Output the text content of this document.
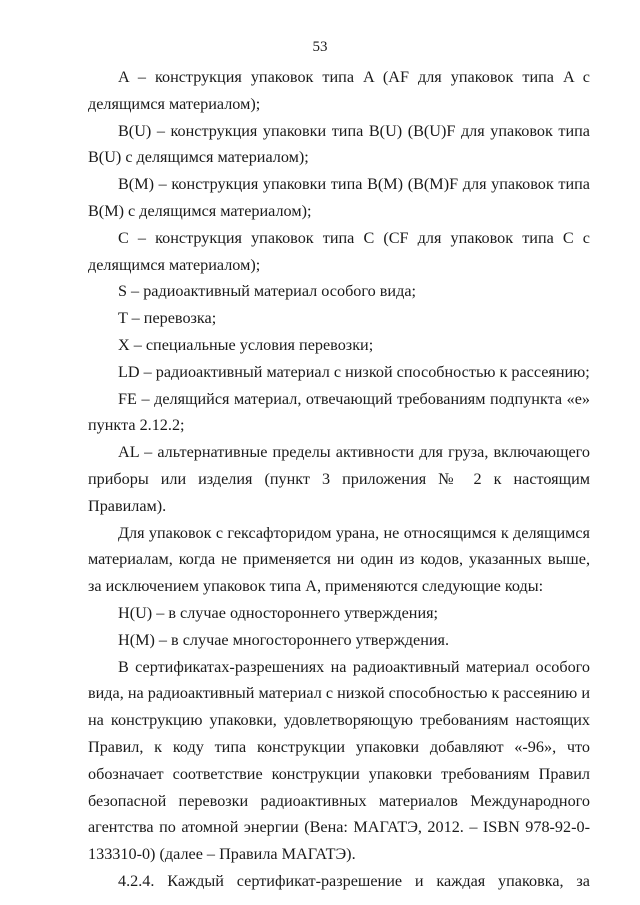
53

A – конструкция упаковок типа A (AF для упаковок типа A с делящимся материалом);

B(U) – конструкция упаковки типа B(U) (B(U)F для упаковок типа B(U) с делящимся материалом);

B(M) – конструкция упаковки типа B(M) (B(M)F для упаковок типа B(M) с делящимся материалом);

C – конструкция упаковок типа C (CF для упаковок типа C с делящимся материалом);

S – радиоактивный материал особого вида;

T – перевозка;

X – специальные условия перевозки;

LD – радиоактивный материал с низкой способностью к рассеянию;

FE – делящийся материал, отвечающий требованиям подпункта «е» пункта 2.12.2;

AL – альтернативные пределы активности для груза, включающего приборы или изделия (пункт 3 приложения № 2 к настоящим Правилам).

Для упаковок с гексафторидом урана, не относящимся к делящимся материалам, когда не применяется ни один из кодов, указанных выше, за исключением упаковок типа A, применяются следующие коды:

H(U) – в случае одностороннего утверждения;

H(M) – в случае многостороннего утверждения.

В сертификатах-разрешениях на радиоактивный материал особого вида, на радиоактивный материал с низкой способностью к рассеянию и на конструкцию упаковки, удовлетворяющую требованиям настоящих Правил, к коду типа конструкции упаковки добавляют «-96», что обозначает соответствие конструкции упаковки требованиям Правил безопасной перевозки радиоактивных материалов Международного агентства по атомной энергии (Вена: МАГАТЭ, 2012. – ISBN 978-92-0-133310-0) (далее – Правила МАГАТЭ).

4.2.4. Каждый сертификат-разрешение и каждая упаковка, за
